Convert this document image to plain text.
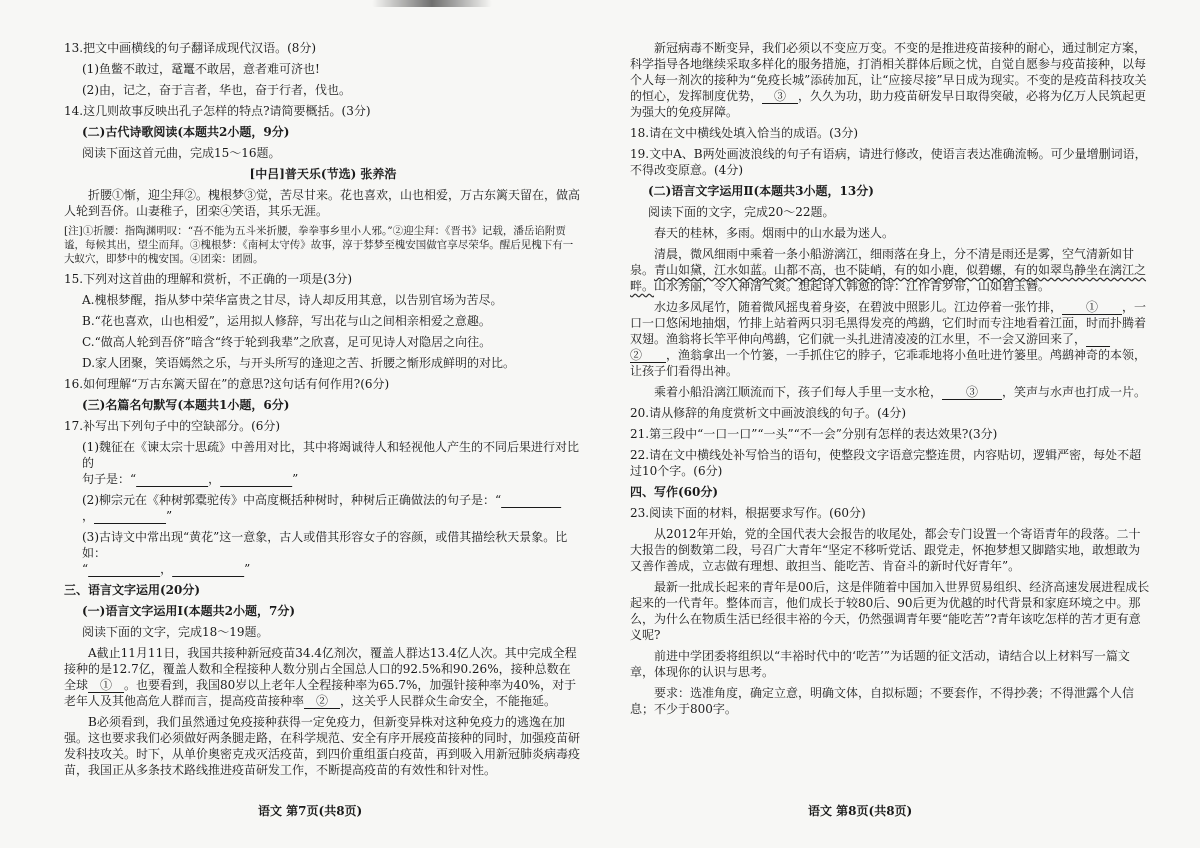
13.把文中画横线的句子翻译成现代汉语。(8分)

(1)鱼鳖不敢过，鼋鼍不敢居，意者难可济也!

(2)由，记之，奋于言者，华也，奋于行者，伐也。

14.这几则故事反映出孔子怎样的特点?请简要概括。(3分)

(二)古代诗歌阅读(本题共2小题，9分)

阅读下面这首元曲，完成15～16题。

[中吕]普天乐(节选) 张养浩

折腰①惭，迎尘拜②。槐根梦③觉，苦尽甘来。花也喜欢，山也相爱，万古东篱天留在，做高人轮到吾侪。山妻稚子，团栾④笑语，其乐无涯。

[注]①折腰：指陶渊明叹：“吾不能为五斗米折腰，拳拳事乡里小人邪。”②迎尘拜：《晋书》记载，潘岳谄附贾谧，每候其出，望尘而拜。③槐根梦：《南柯太守传》故事，淳于棼梦至槐安国做官享尽荣华。醒后见槐下有一大蚁穴，即梦中的槐安国。④团栾：团圆。

15.下列对这首曲的理解和赏析，不正确的一项是(3分)

A.槐根梦醒，指从梦中荣华富贵之甘尽，诗人却反用其意，以告别官场为苦尽。

B.“花也喜欢，山也相爱”，运用拟人修辞，写出花与山之间相亲相爱之意趣。

C.“做高人轮到吾侪”暗含“终于轮到我辈”之欣喜，足可见诗人对隐居之向往。

D.家人团聚，笑语嫣然之乐，与开头所写的逢迎之苦、折腰之惭形成鲜明的对比。

16.如何理解“万古东篱天留在”的意思?这句话有何作用?(6分)

(三)名篇名句默写(本题共1小题，6分)

17.补写出下列句子中的空缺部分。(6分)

(1)魏征在《谏太宗十思疏》中善用对比，其中将竭诚待人和轻视他人产生的不同后果进行对比的
句子是：“      	，      	”

(2)柳宗元在《种树郭橐驼传》中高度概括种树时，种树后正确做法的句子是：“     
，      	”

(3)古诗文中常出现“黄花”这一意象，古人或借其形容女子的容颜，或借其描绘秋天景象。比如：
“      	，      	”

三、语言文字运用(20分)

(一)语言文字运用Ⅰ(本题共2小题，7分)

阅读下面的文字，完成18～19题。

A截止11月11日，我国共接种新冠疫苗34.4亿剂次，覆盖人群达13.4亿人次。其中完成全程接种的是12.7亿，覆盖人数和全程接种人数分别占全国总人口的92.5%和90.26%，接种总数在全球  ①  。也要看到，我国80岁以上老年人全程接种率为65.7%，加强针接种率为40%，对于老年人及其他高危人群而言，提高疫苗接种率  ②  ，这关乎人民群众生命安全，不能拖延。

B必须看到，我们虽然通过免疫接种获得一定免疫力，但新变异株对这种免疫力的逃逸在加强。这也要求我们必须做好两条腿走路，在科学规范、安全有序开展疫苗接种的同时，加强疫苗研发科技攻关。时下，从单价奥密克戎灭活疫苗，到四价重组蛋白疫苗，再到吸入用新冠肺炎病毒疫苗，我国正从多条技术路线推进疫苗研发工作，不断提高疫苗的有效性和针对性。

新冠病毒不断变异，我们必须以不变应万变。不变的是推进疫苗接种的耐心，通过制定方案，科学指导各地继续采取多样化的服务措施，打消相关群体后顾之忧，自觉自愿参与疫苗接种，以每个人每一剂次的接种为“免疫长城”添砖加瓦，让“应接尽接”早日成为现实。不变的是疫苗科技攻关的恒心，发挥制度优势，  ③  ，久久为功，助力疫苗研发早日取得突破，必将为亿万人民筑起更为强大的免疫屏障。

18.请在文中横线处填入恰当的成语。(3分)

19.文中A、B两处画波浪线的句子有语病，请进行修改，使语言表达准确流畅。可少量增删词语，不得改变原意。(4分)

(二)语言文字运用Ⅱ(本题共3小题，13分)

阅读下面的文字，完成20～22题。

春天的桂林，多雨。烟雨中的山水最为迷人。

清晨，微风细雨中乘着一条小船游漓江，细雨落在身上，分不清是雨还是雾，空气清新如甘泉。青山如黛，江水如蓝。山都不高，也不陡峭，有的如小鹿，似碧螺，有的如翠鸟静坐在漓江之畔。山水秀丽，令人神清气爽。想起诗人韩愈的诗：江作青罗带，山如碧玉簪。

水边多凤尾竹，随着微风摇曳着身姿，在碧波中照影儿。江边停着一张竹排，   ①   ，一口一口悠闲地抽烟，竹排上站着两只羽毛黑得发亮的鸬鹚，它们时而专注地看着江面，时而扑腾着双翅。渔翁将长竿平伸向鸬鹚，它们就一头扎进清凌凌的江水里，不一会又游回来了，  ②   ，渔翁拿出一个竹篓，一手抓住它的脖子，它乖乖地将小鱼吐进竹篓里。鸬鹚神奇的本领，让孩子们看得出神。

乘着小船沿漓江顺流而下，孩子们每人手里一支水枪，   ③   ，笑声与水声也打成一片。

20.请从修辞的角度赏析文中画波浪线的句子。(4分)

21.第三段中“一口一口”“一头”“不一会”分别有怎样的表达效果?(3分)

22.请在文中横线处补写恰当的语句，使整段文字语意完整连贯，内容贴切，逻辑严密，每处不超过10个字。(6分)

四、写作(60分)

23.阅读下面的材料，根据要求写作。(60分)

从2012年开始，党的全国代表大会报告的收尾处，都会专门设置一个寄语青年的段落。二十大报告的倒数第二段，号召广大青年“坚定不移听党话、跟党走，怀抱梦想又脚踏实地，敢想敢为又善作善成，立志做有理想、敢担当、能吃苦、肯奋斗的新时代好青年”。

最新一批成长起来的青年是00后，这是伴随着中国加入世界贸易组织、经济高速发展进程成长起来的一代青年。整体而言，他们成长于较80后、90后更为优越的时代背景和家庭环境之中。那么，为什么在物质生活已经很丰裕的今天，仍然强调青年要“能吃苦”?青年该吃怎样的苦才更有意义呢?

前进中学团委将组织以“丰裕时代中的‘吃苦’”为话题的征文活动，请结合以上材料写一篇文章，体现你的认识与思考。

要求：选准角度，确定立意，明确文体，自拟标题；不要套作，不得抄袭；不得泄露个人信息；不少于800字。

语文 第7页(共8页)	语文 第8页(共8页)
